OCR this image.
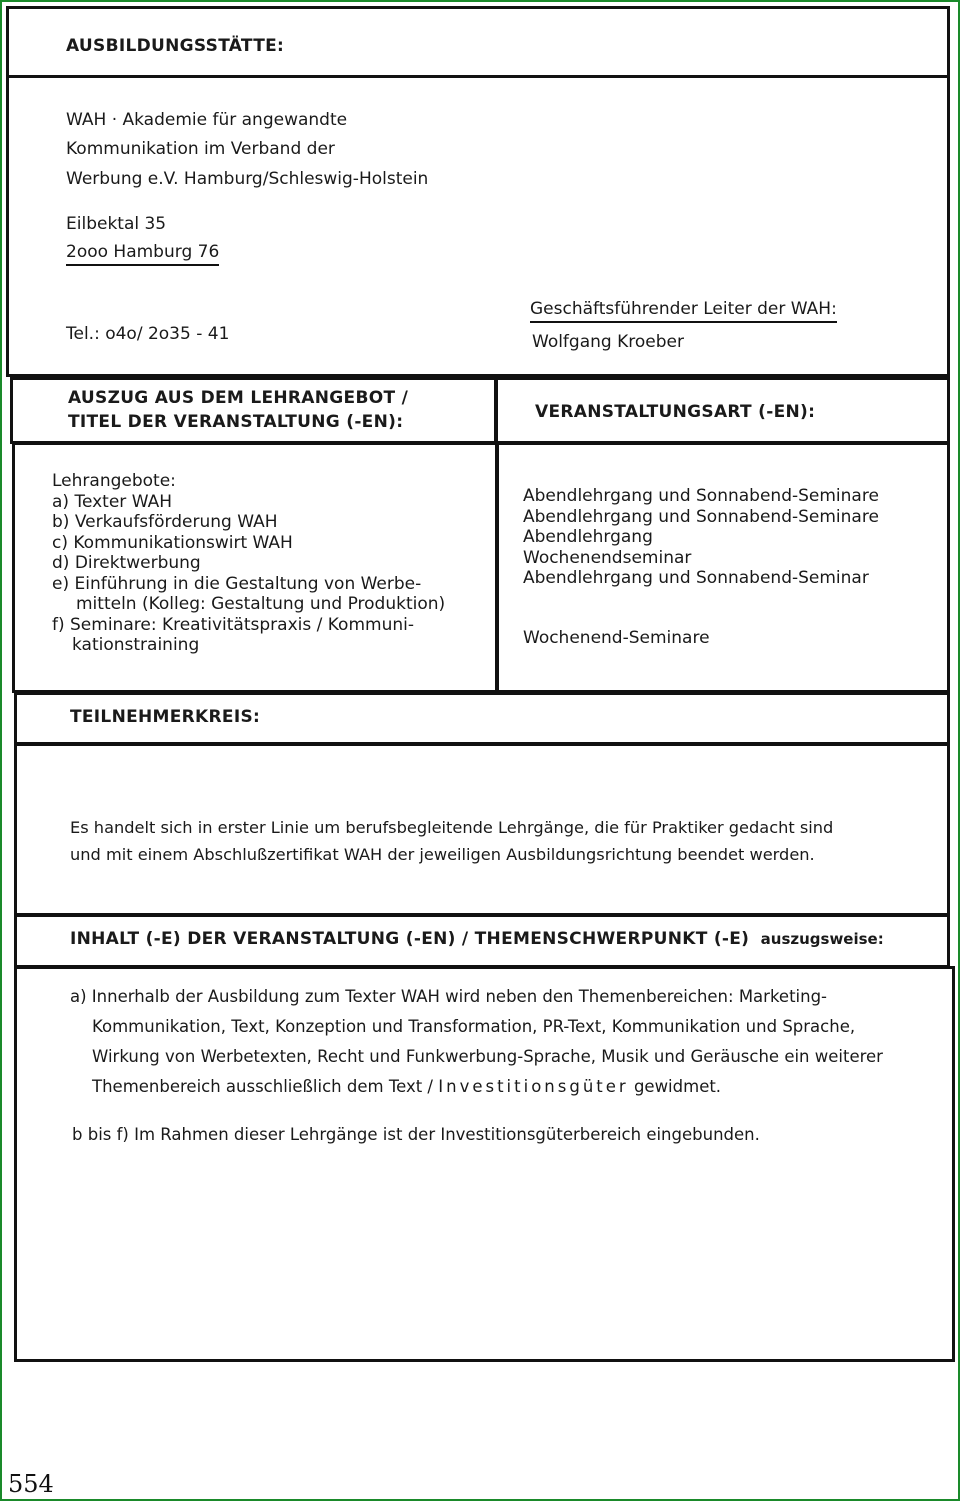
AUSBILDUNGSSTÄTTE:
WAH · Akademie für angewandte
Kommunikation im Verband der
Werbung e.V. Hamburg/Schleswig-Holstein
Eilbektal 35
2ooo Hamburg 76
Tel.: o4o/ 2o35 - 41
Geschäftsführender Leiter der WAH:
Wolfgang Kroeber
AUSZUG AUS DEM LEHRANGEBOT /
TITEL DER VERANSTALTUNG (-EN):	VERANSTALTUNGSART (-EN):
Lehrangebote:
a) Texter WAH
b) Verkaufsförderung WAH
c) Kommunikationswirt WAH
d) Direktwerbung
e) Einführung in die Gestaltung von Werbe-
mitteln (Kolleg: Gestaltung und Produktion)
f) Seminare: Kreativitätspraxis / Kommuni-
kationstraining
Abendlehrgang und Sonnabend-Seminare
Abendlehrgang und Sonnabend-Seminare
Abendlehrgang
Wochenendseminar
Abendlehrgang und Sonnabend-Seminar
Wochenend-Seminare
TEILNEHMERKREIS:
Es handelt sich in erster Linie um berufsbegleitende Lehrgänge, die für Praktiker gedacht sind
und mit einem Abschlußzertifikat WAH der jeweiligen Ausbildungsrichtung beendet werden.
INHALT (-E) DER VERANSTALTUNG (-EN) / THEMENSCHWERPUNKT (-E) auszugsweise:
a) Innerhalb der Ausbildung zum Texter WAH wird neben den Themenbereichen: Marketing-
Kommunikation, Text, Konzeption und Transformation, PR-Text, Kommunikation und Sprache,
Wirkung von Werbetexten, Recht und Funkwerbung-Sprache, Musik und Geräusche ein weiterer
Themenbereich ausschließlich dem Text / Investitionsgüter gewidmet.
b bis f) Im Rahmen dieser Lehrgänge ist der Investitionsgüterbereich eingebunden.
554
